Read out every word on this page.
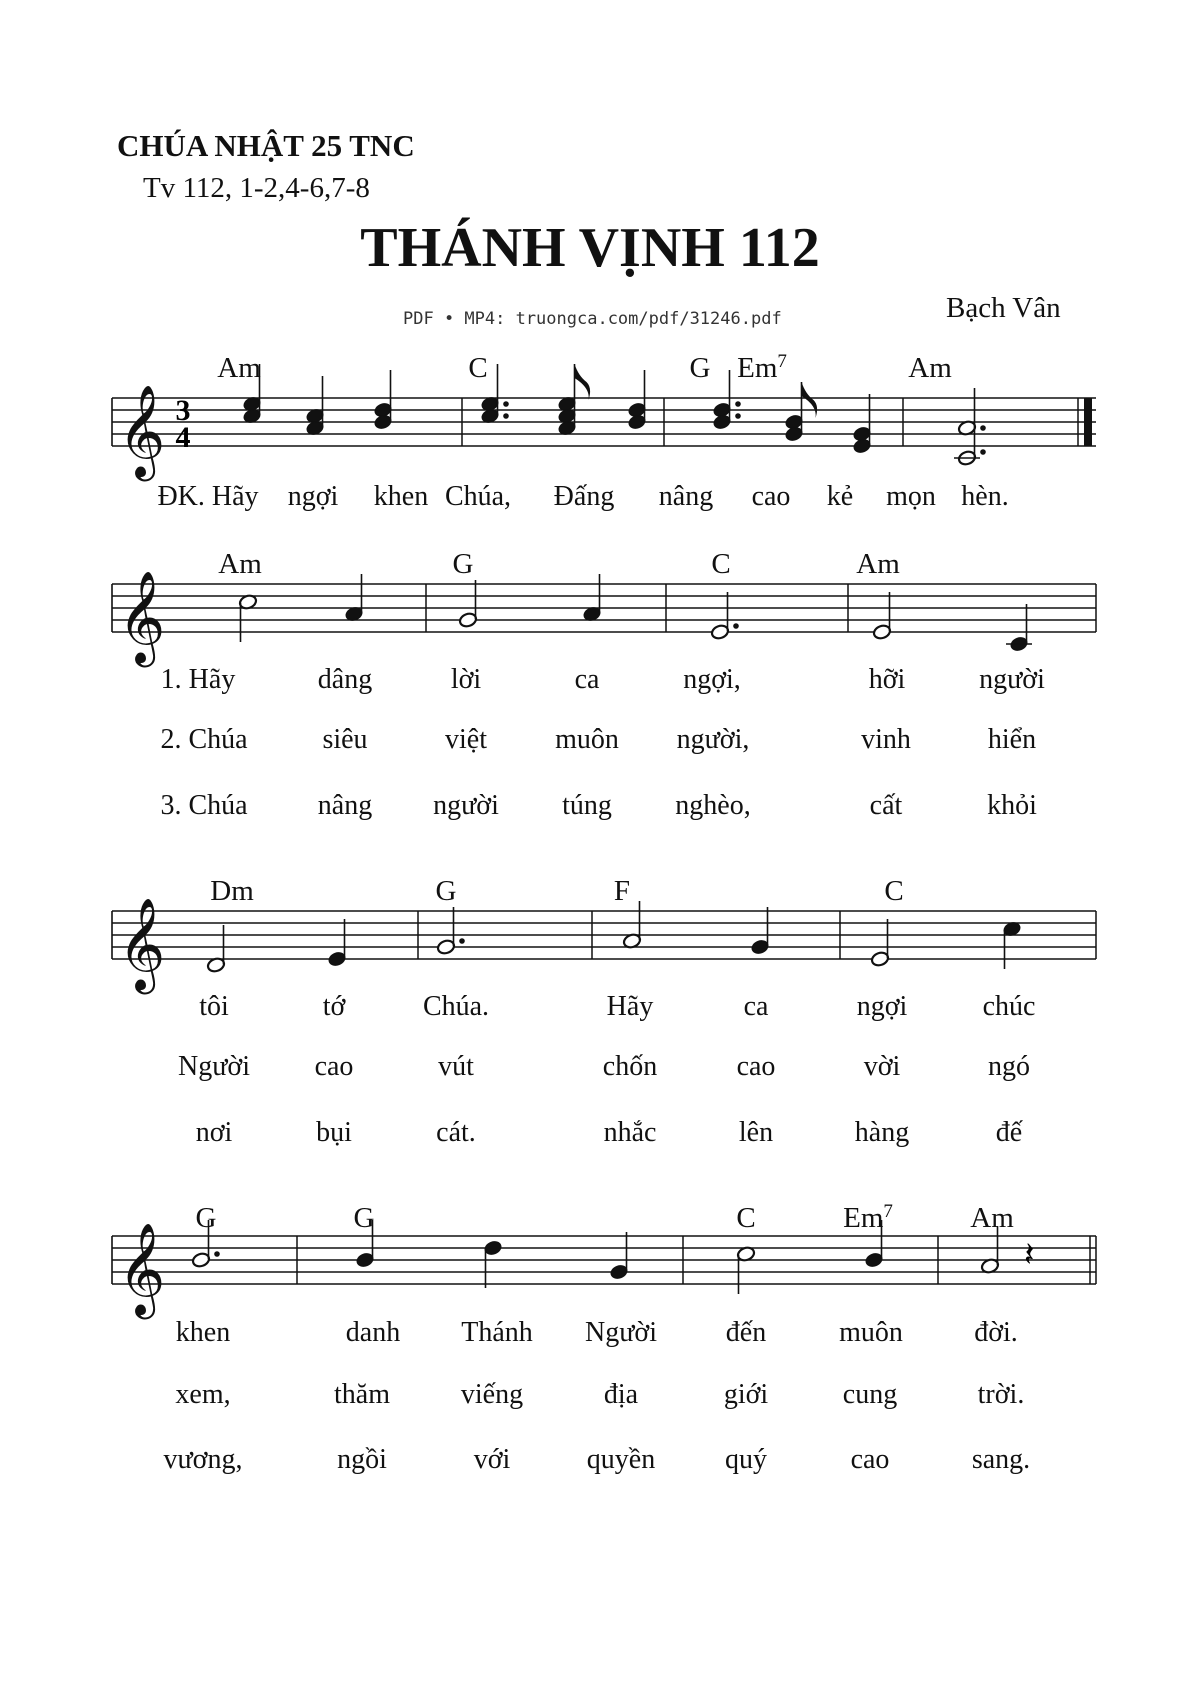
CHÚA NHẬT 25 TNC
Tv 112, 1-2,4-6,7-8
THÁNH VỊNH 112
Bạch Vân
PDF • MP4: truongca.com/pdf/31246.pdf
𝄞 3
4
Am	C	G Em$^7$	Am
ĐK. Hãy ngợi khen Chúa, Đấng nâng cao kẻ mọn hèn.
𝄞
Am	G	C	Am
1. Hãy	dâng	lời	ca	ngợi,	hỡi	người
2. Chúa	siêu	việt muôn người,	vinh	hiển
3. Chúa	nâng người túng nghèo,	cất	khỏi
𝄞
Dm	G	F	C
tôi	tớ	Chúa.	Hãy	ca	ngợi	chúc
Người cao	vút	chốn	cao	vời	ngó
nơi	bụi	cát.	nhắc	lên	hàng	đế
𝄞	𝄽
G	G	C	Em$^7$	Am
khen	danh Thánh Người đến	muôn	đời.
xem,	thăm	viếng	địa	giới	cung	trời.
vương,	ngồi	với	quyền quý	cao	sang.
